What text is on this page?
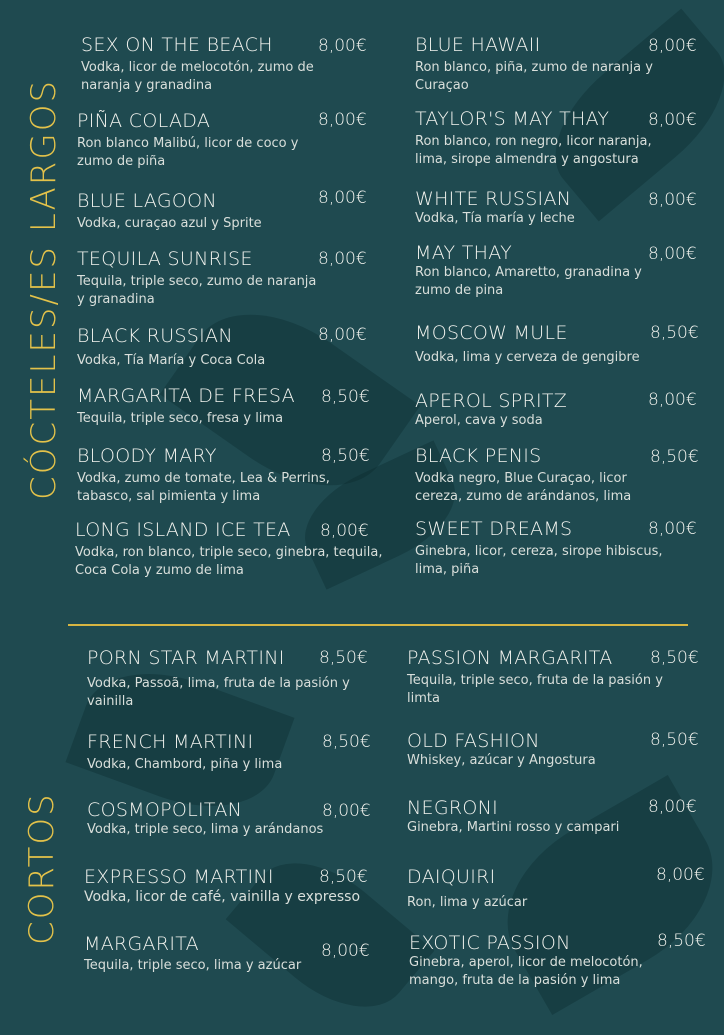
CÓCTELES/ES LARGOS
CORTOS
SEX ON THE BEACH
Vodka, licor de melocotón, zumo de naranja y granadina
8,00€
PIÑA COLADA
Ron blanco Malibú, licor de coco y zumo de piña
8,00€
BLUE LAGOON
Vodka, curaçao azul y Sprite
8,00€
TEQUILA SUNRISE
Tequila, triple seco, zumo de naranja y granadina
8,00€
BLACK RUSSIAN
Vodka, Tía María y Coca Cola
8,00€
MARGARITA DE FRESA
Tequila, triple seco, fresa y lima
8,50€
BLOODY MARY
Vodka, zumo de tomate, Lea & Perrins, tabasco, sal pimienta y lima
8,50€
LONG ISLAND ICE TEA
Vodka, ron blanco, triple seco, ginebra, tequila, Coca Cola y zumo de lima
8,00€
BLUE HAWAII
Ron blanco, piña, zumo de naranja y Curaçao
8,00€
TAYLOR'S MAY THAY
Ron blanco, ron negro, licor naranja, lima, sirope almendra y angostura
8,00€
WHITE RUSSIAN
Vodka, Tía maría y leche
8,00€
MAY THAY
Ron blanco, Amaretto, granadina y zumo de pina
8,00€
MOSCOW MULE
Vodka, lima y cerveza de gengibre
8,50€
APEROL SPRITZ
Aperol, cava y soda
8,00€
BLACK PENIS
Vodka negro, Blue Curaçao, licor cereza, zumo de arándanos, lima
8,50€
SWEET DREAMS
Ginebra, licor, cereza, sirope hibiscus, lima, piña
8,00€
PORN STAR MARTINI
Vodka, Passoã, lima, fruta de la pasión y vainilla
8,50€
FRENCH MARTINI
Vodka, Chambord, piña y lima
8,50€
COSMOPOLITAN
Vodka, triple seco, lima y arándanos
8,00€
EXPRESSO MARTINI
Vodka, licor de café, vainilla y expresso
8,50€
MARGARITA
Tequila, triple seco, lima y azúcar
8,00€
PASSION MARGARITA
Tequila, triple seco, fruta de la pasión y limta
8,50€
OLD FASHION
Whiskey, azúcar y Angostura
8,50€
NEGRONI
Ginebra, Martini rosso y campari
8,00€
DAIQUIRI
Ron, lima y azúcar
8,00€
EXOTIC PASSION
Ginebra, aperol, licor de melocotón, mango, fruta de la pasión y lima
8,50€
